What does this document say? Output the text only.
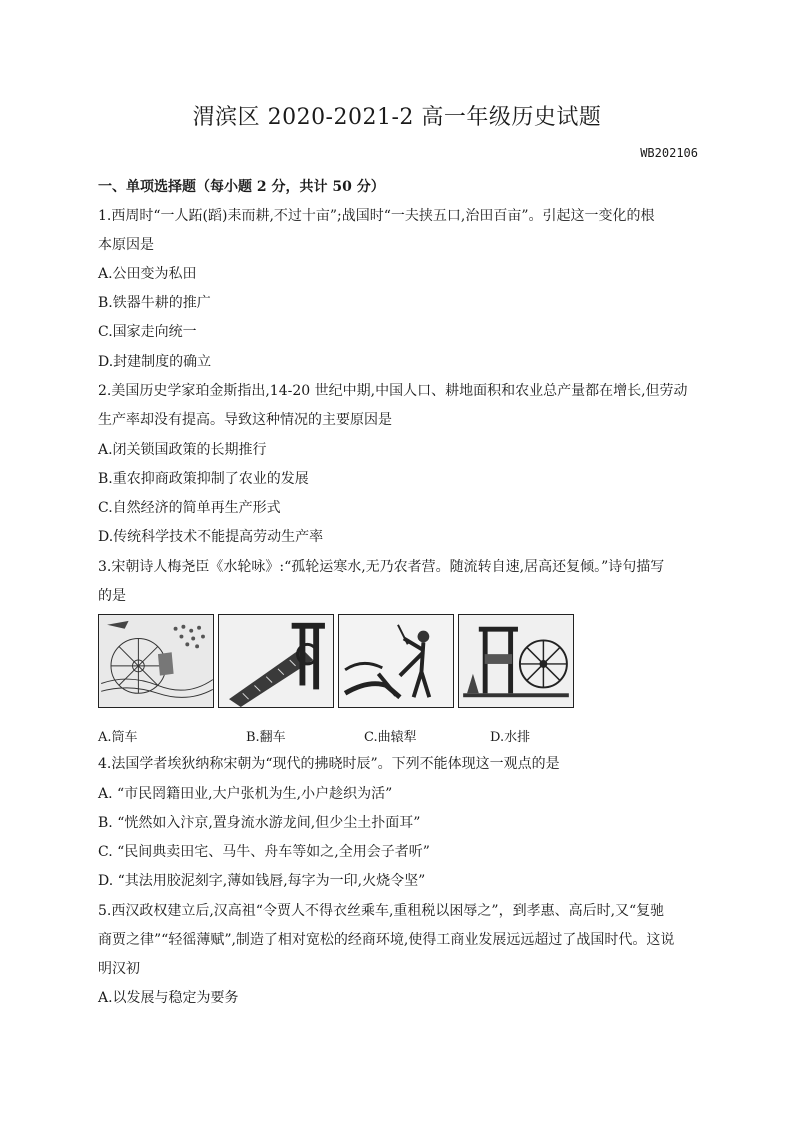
渭滨区 2020-2021-2 高一年级历史试题
WB202106
一、单项选择题（每小题 2 分，共计 50 分）
1.西周时“一人跖(蹈)耒而耕,不过十亩”;战国时“一夫挟五口,治田百亩”。引起这一变化的根
本原因是
A.公田变为私田
B.铁器牛耕的推广
C.国家走向统一
D.封建制度的确立
2.美国历史学家珀金斯指出,14-20 世纪中期,中国人口、耕地面积和农业总产量都在增长,但劳动
生产率却没有提高。导致这种情况的主要原因是
A.闭关锁国政策的长期推行
B.重农抑商政策抑制了农业的发展
C.自然经济的简单再生产形式
D.传统科学技术不能提高劳动生产率
3.宋朝诗人梅尧臣《水轮咏》:“孤轮运寒水,无乃农者营。随流转自速,居高还复倾。”诗句描写
的是
A.筒车	B.翻车	C.曲辕犁	D.水排
4.法国学者埃狄纳称宋朝为“现代的拂晓时辰”。下列不能体现这一观点的是
A. “市民罔籍田业,大户张机为生,小户趁织为活”
B. “恍然如入汴京,置身流水游龙间,但少尘土扑面耳”
C. “民间典卖田宅、马牛、舟车等如之,全用会子者听”
D. “其法用胶泥刻字,薄如钱唇,每字为一印,火烧令坚”
5.西汉政权建立后,汉高祖“令贾人不得衣丝乘车,重租税以困辱之”，到孝惠、高后时,又“复驰
商贾之律”“轻徭薄赋”,制造了相对宽松的经商环境,使得工商业发展远远超过了战国时代。这说
明汉初
A.以发展与稳定为要务
